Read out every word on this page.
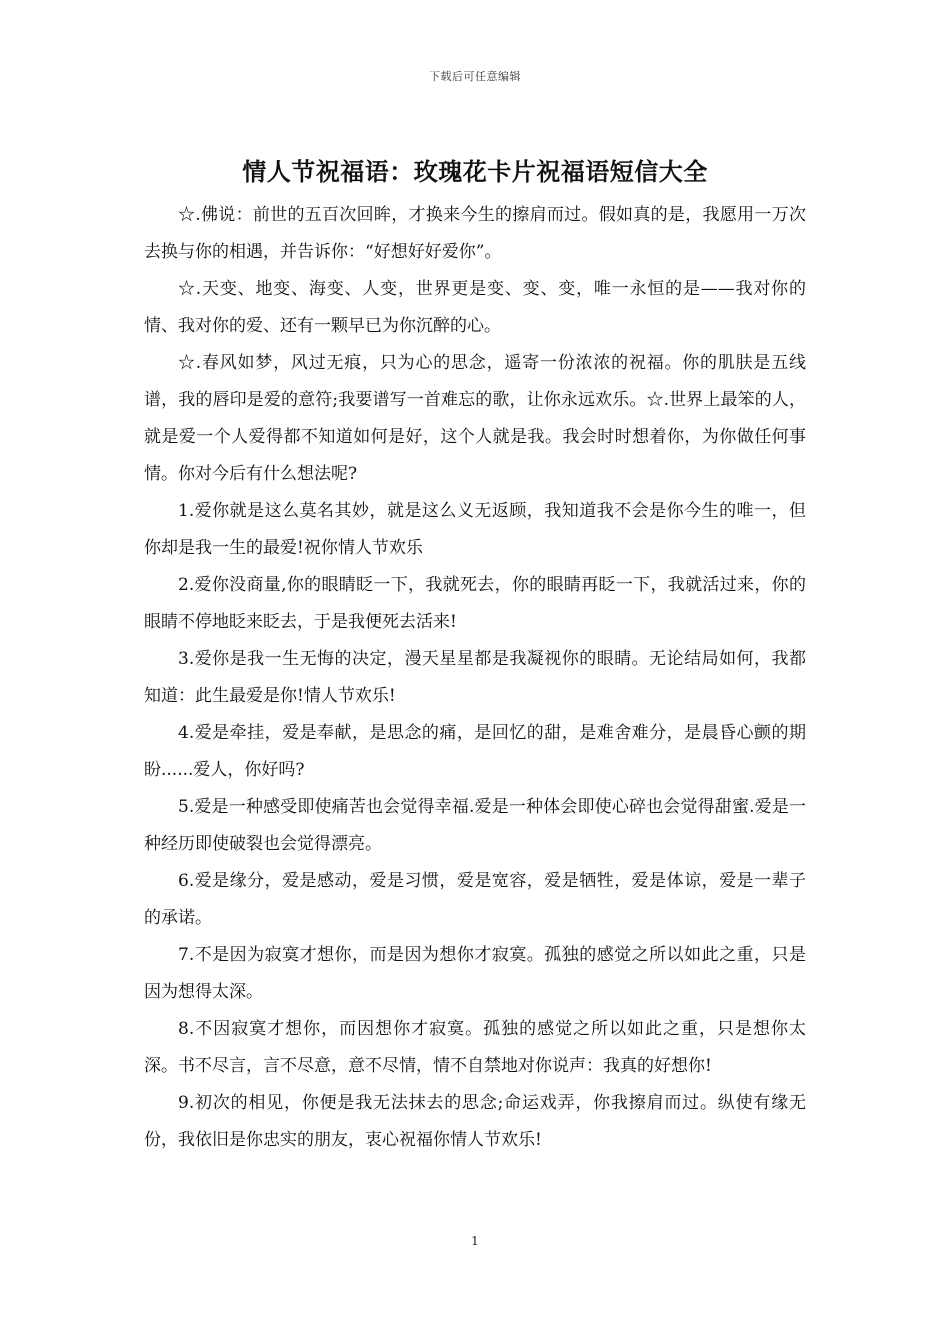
下载后可任意编辑
情人节祝福语：玫瑰花卡片祝福语短信大全

☆.佛说：前世的五百次回眸，才换来今生的擦肩而过。假如真的是，我愿用一万次去换与你的相遇，并告诉你：“好想好好爱你”。

☆.天变、地变、海变、人变，世界更是变、变、变，唯一永恒的是——我对你的情、我对你的爱、还有一颗早已为你沉醉的心。

☆.春风如梦，风过无痕，只为心的思念，遥寄一份浓浓的祝福。你的肌肤是五线谱，我的唇印是爱的意符;我要谱写一首难忘的歌，让你永远欢乐。☆.世界上最笨的人，就是爱一个人爱得都不知道如何是好，这个人就是我。我会时时想着你，为你做任何事情。你对今后有什么想法呢?

1.爱你就是这么莫名其妙，就是这么义无返顾，我知道我不会是你今生的唯一，但你却是我一生的最爱!祝你情人节欢乐

2.爱你没商量,你的眼睛眨一下，我就死去，你的眼睛再眨一下，我就活过来，你的眼睛不停地眨来眨去，于是我便死去活来!

3.爱你是我一生无悔的决定，漫天星星都是我凝视你的眼睛。无论结局如何，我都知道：此生最爱是你!情人节欢乐!

4.爱是牵挂，爱是奉献，是思念的痛，是回忆的甜，是难舍难分，是晨昏心颤的期盼......爱人，你好吗?

5.爱是一种感受即使痛苦也会觉得幸福.爱是一种体会即使心碎也会觉得甜蜜.爱是一种经历即使破裂也会觉得漂亮。

6.爱是缘分，爱是感动，爱是习惯，爱是宽容，爱是牺牲，爱是体谅，爱是一辈子的承诺。

7.不是因为寂寞才想你，而是因为想你才寂寞。孤独的感觉之所以如此之重，只是因为想得太深。

8.不因寂寞才想你，而因想你才寂寞。孤独的感觉之所以如此之重，只是想你太深。书不尽言，言不尽意，意不尽情，情不自禁地对你说声：我真的好想你!

9.初次的相见，你便是我无法抹去的思念;命运戏弄，你我擦肩而过。纵使有缘无份，我依旧是你忠实的朋友，衷心祝福你情人节欢乐!

1
